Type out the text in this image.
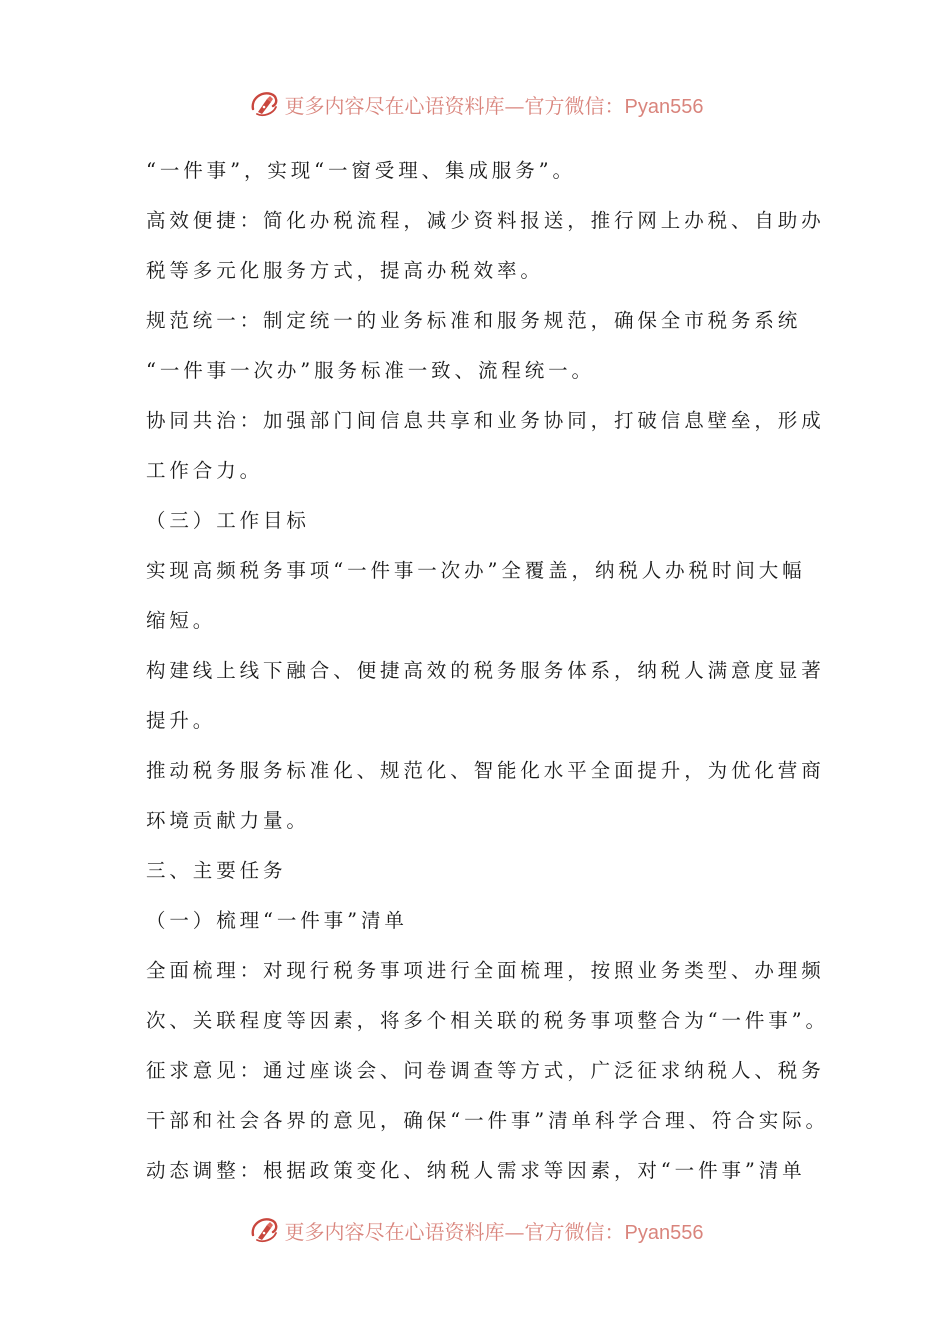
更多内容尽在心语资料库—官方微信：Pyan556
“一件事”，实现“一窗受理、集成服务”。
高效便捷：简化办税流程，减少资料报送，推行网上办税、自助办
税等多元化服务方式，提高办税效率。
规范统一：制定统一的业务标准和服务规范，确保全市税务系统
“一件事一次办”服务标准一致、流程统一。
协同共治：加强部门间信息共享和业务协同，打破信息壁垒，形成
工作合力。
（三）工作目标
实现高频税务事项“一件事一次办”全覆盖，纳税人办税时间大幅
缩短。
构建线上线下融合、便捷高效的税务服务体系，纳税人满意度显著
提升。
推动税务服务标准化、规范化、智能化水平全面提升，为优化营商
环境贡献力量。
三、主要任务
（一）梳理“一件事”清单
全面梳理：对现行税务事项进行全面梳理，按照业务类型、办理频
次、关联程度等因素，将多个相关联的税务事项整合为“一件事”。
征求意见：通过座谈会、问卷调查等方式，广泛征求纳税人、税务
干部和社会各界的意见，确保“一件事”清单科学合理、符合实际。
动态调整：根据政策变化、纳税人需求等因素，对“一件事”清单
更多内容尽在心语资料库—官方微信：Pyan556
